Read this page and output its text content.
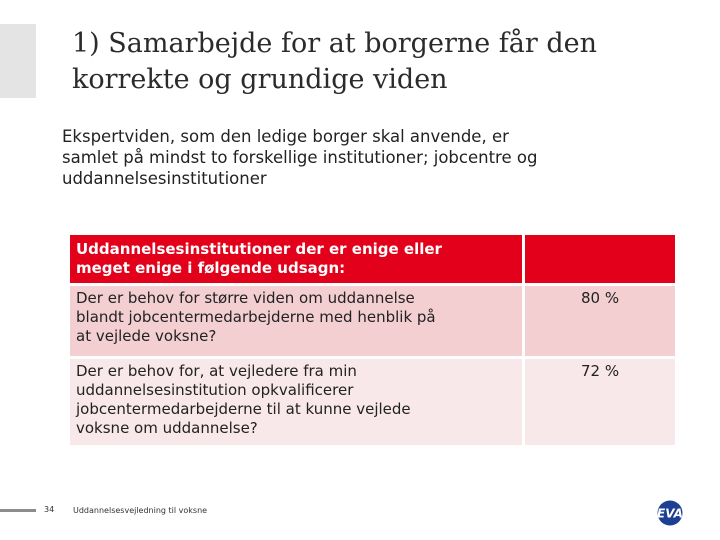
1) Samarbejde for at borgerne får den
korrekte og grundige viden
Ekspertviden, som den ledige borger skal anvende, er
samlet på mindst to forskellige institutioner; jobcentre og
uddannelsesinstitutioner
Uddannelsesinstitutioner der er enige eller
meget enige i følgende udsagn:	

Der er behov for større viden om uddannelse
blandt jobcentermedarbejderne med henblik på
at vejlede voksne?	80 %

Der er behov for, at vejledere fra min
uddannelsesinstitution opkvalificerer
jobcentermedarbejderne til at kunne vejlede
voksne om uddannelse?	72 %
34 Uddannelsesvejledning til voksne	EVA
